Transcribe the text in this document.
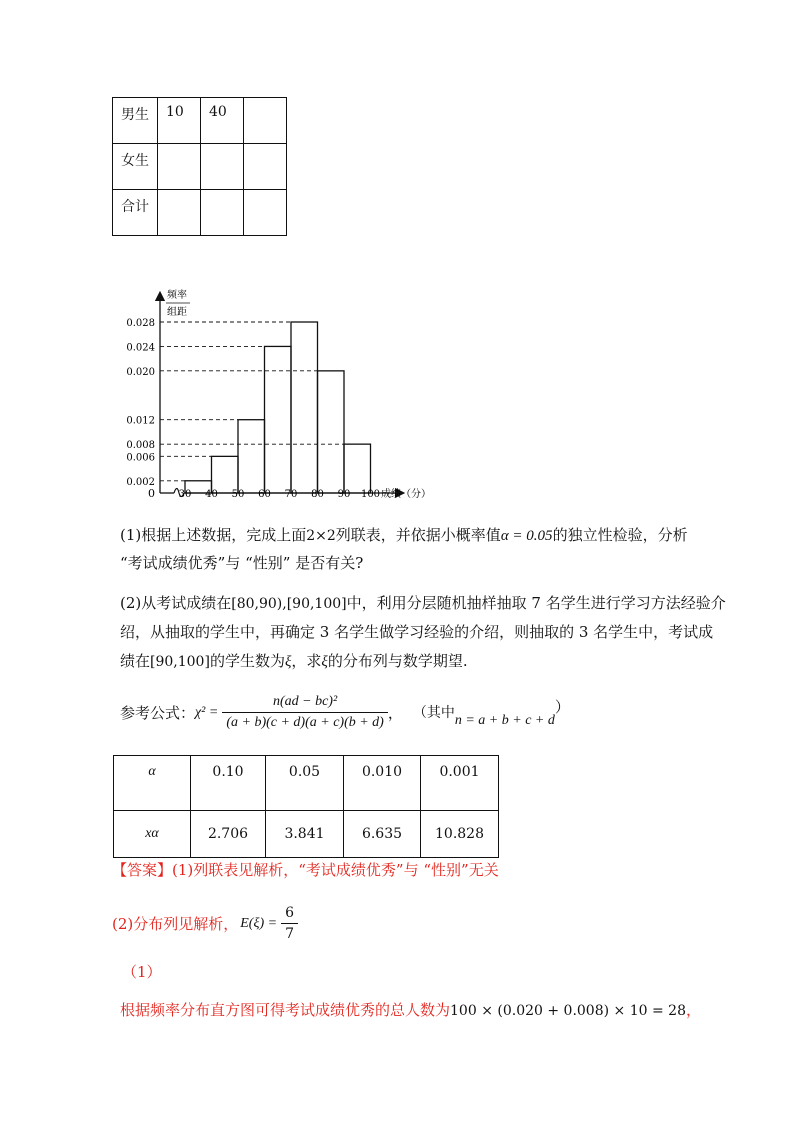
男生	10	40	
女生			
合计			
频率
组距
0	成绩（分）
0.028
0.024
0.020
0.012
0.008
0.006
0.002
30 40 50 60 70 80 90 100
(1)根据上述数据，完成上面2×2列联表，并依据小概率值α = 0.05的独立性检验，分析
“考试成绩优秀”与 “性别” 是否有关?
(2)从考试成绩在[80,90),[90,100]中，利用分层随机抽样抽取 7 名学生进行学习方法经验介
绍，从抽取的学生中，再确定 3 名学生做学习经验的介绍，则抽取的 3 名学生中，考试成
绩在[90,100]的学生数为ξ，求ξ的分布列与数学期望.
参考公式： $\chi^2 = \frac{\text{n(ad − bc)²}}{(a + b)(c + d)(a + c)(b + d)}$ ， （其中 n = a + b + c + d
）
α	0.10	0.05	0.010	0.001
xα	2.706	3.841	6.635	10.828
【答案】(1)列联表见解析，“考试成绩优秀”与 “性别”无关
(2)分布列见解析， $E(\xi) = \frac{6}{7}$
（1）
根据频率分布直方图可得考试成绩优秀的总人数为100 × (0.020 + 0.008) × 10 = 28，
